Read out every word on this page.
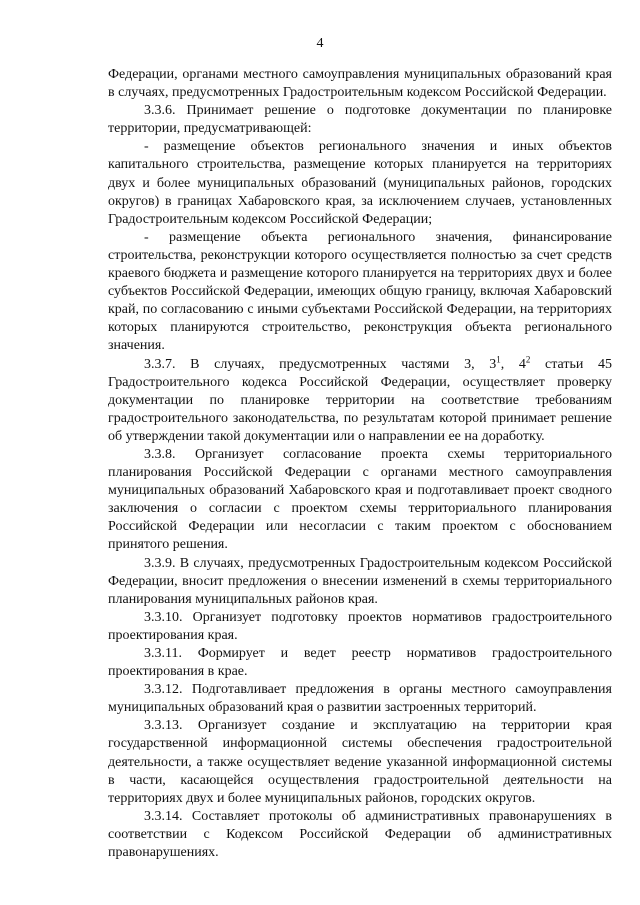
4

Федерации, органами местного самоуправления муниципальных образований края в случаях, предусмотренных Градостроительным кодексом Российской Федерации.

3.3.6. Принимает решение о подготовке документации по планировке территории, предусматривающей:

- размещение объектов регионального значения и иных объектов капитального строительства, размещение которых планируется на территориях двух и более муниципальных образований (муниципальных районов, городских округов) в границах Хабаровского края, за исключением случаев, установленных Градостроительным кодексом Российской Федерации;

- размещение объекта регионального значения, финансирование строительства, реконструкции которого осуществляется полностью за счет средств краевого бюджета и размещение которого планируется на территориях двух и более субъектов Российской Федерации, имеющих общую границу, включая Хабаровский край, по согласованию с иными субъектами Российской Федерации, на территориях которых планируются строительство, реконструкция объекта регионального значения.

3.3.7. В случаях, предусмотренных частями 3, $3^1$, $4^2$ статьи 45 Градостроительного кодекса Российской Федерации, осуществляет проверку документации по планировке территории на соответствие требованиям градостроительного законодательства, по результатам которой принимает решение об утверждении такой документации или о направлении ее на доработку.

3.3.8. Организует согласование проекта схемы территориального планирования Российской Федерации с органами местного самоуправления муниципальных образований Хабаровского края и подготавливает проект сводного заключения о согласии с проектом схемы территориального планирования Российской Федерации или несогласии с таким проектом с обоснованием принятого решения.

3.3.9. В случаях, предусмотренных Градостроительным кодексом Российской Федерации, вносит предложения о внесении изменений в схемы территориального планирования муниципальных районов края.

3.3.10. Организует подготовку проектов нормативов градостроительного проектирования края.

3.3.11. Формирует и ведет реестр нормативов градостроительного проектирования в крае.

3.3.12. Подготавливает предложения в органы местного самоуправления муниципальных образований края о развитии застроенных территорий.

3.3.13. Организует создание и эксплуатацию на территории края государственной информационной системы обеспечения градостроительной деятельности, а также осуществляет ведение указанной информационной системы в части, касающейся осуществления градостроительной деятельности на территориях двух и более муниципальных районов, городских округов.

3.3.14. Составляет протоколы об административных правонарушениях в соответствии с Кодексом Российской Федерации об административных правонарушениях.
